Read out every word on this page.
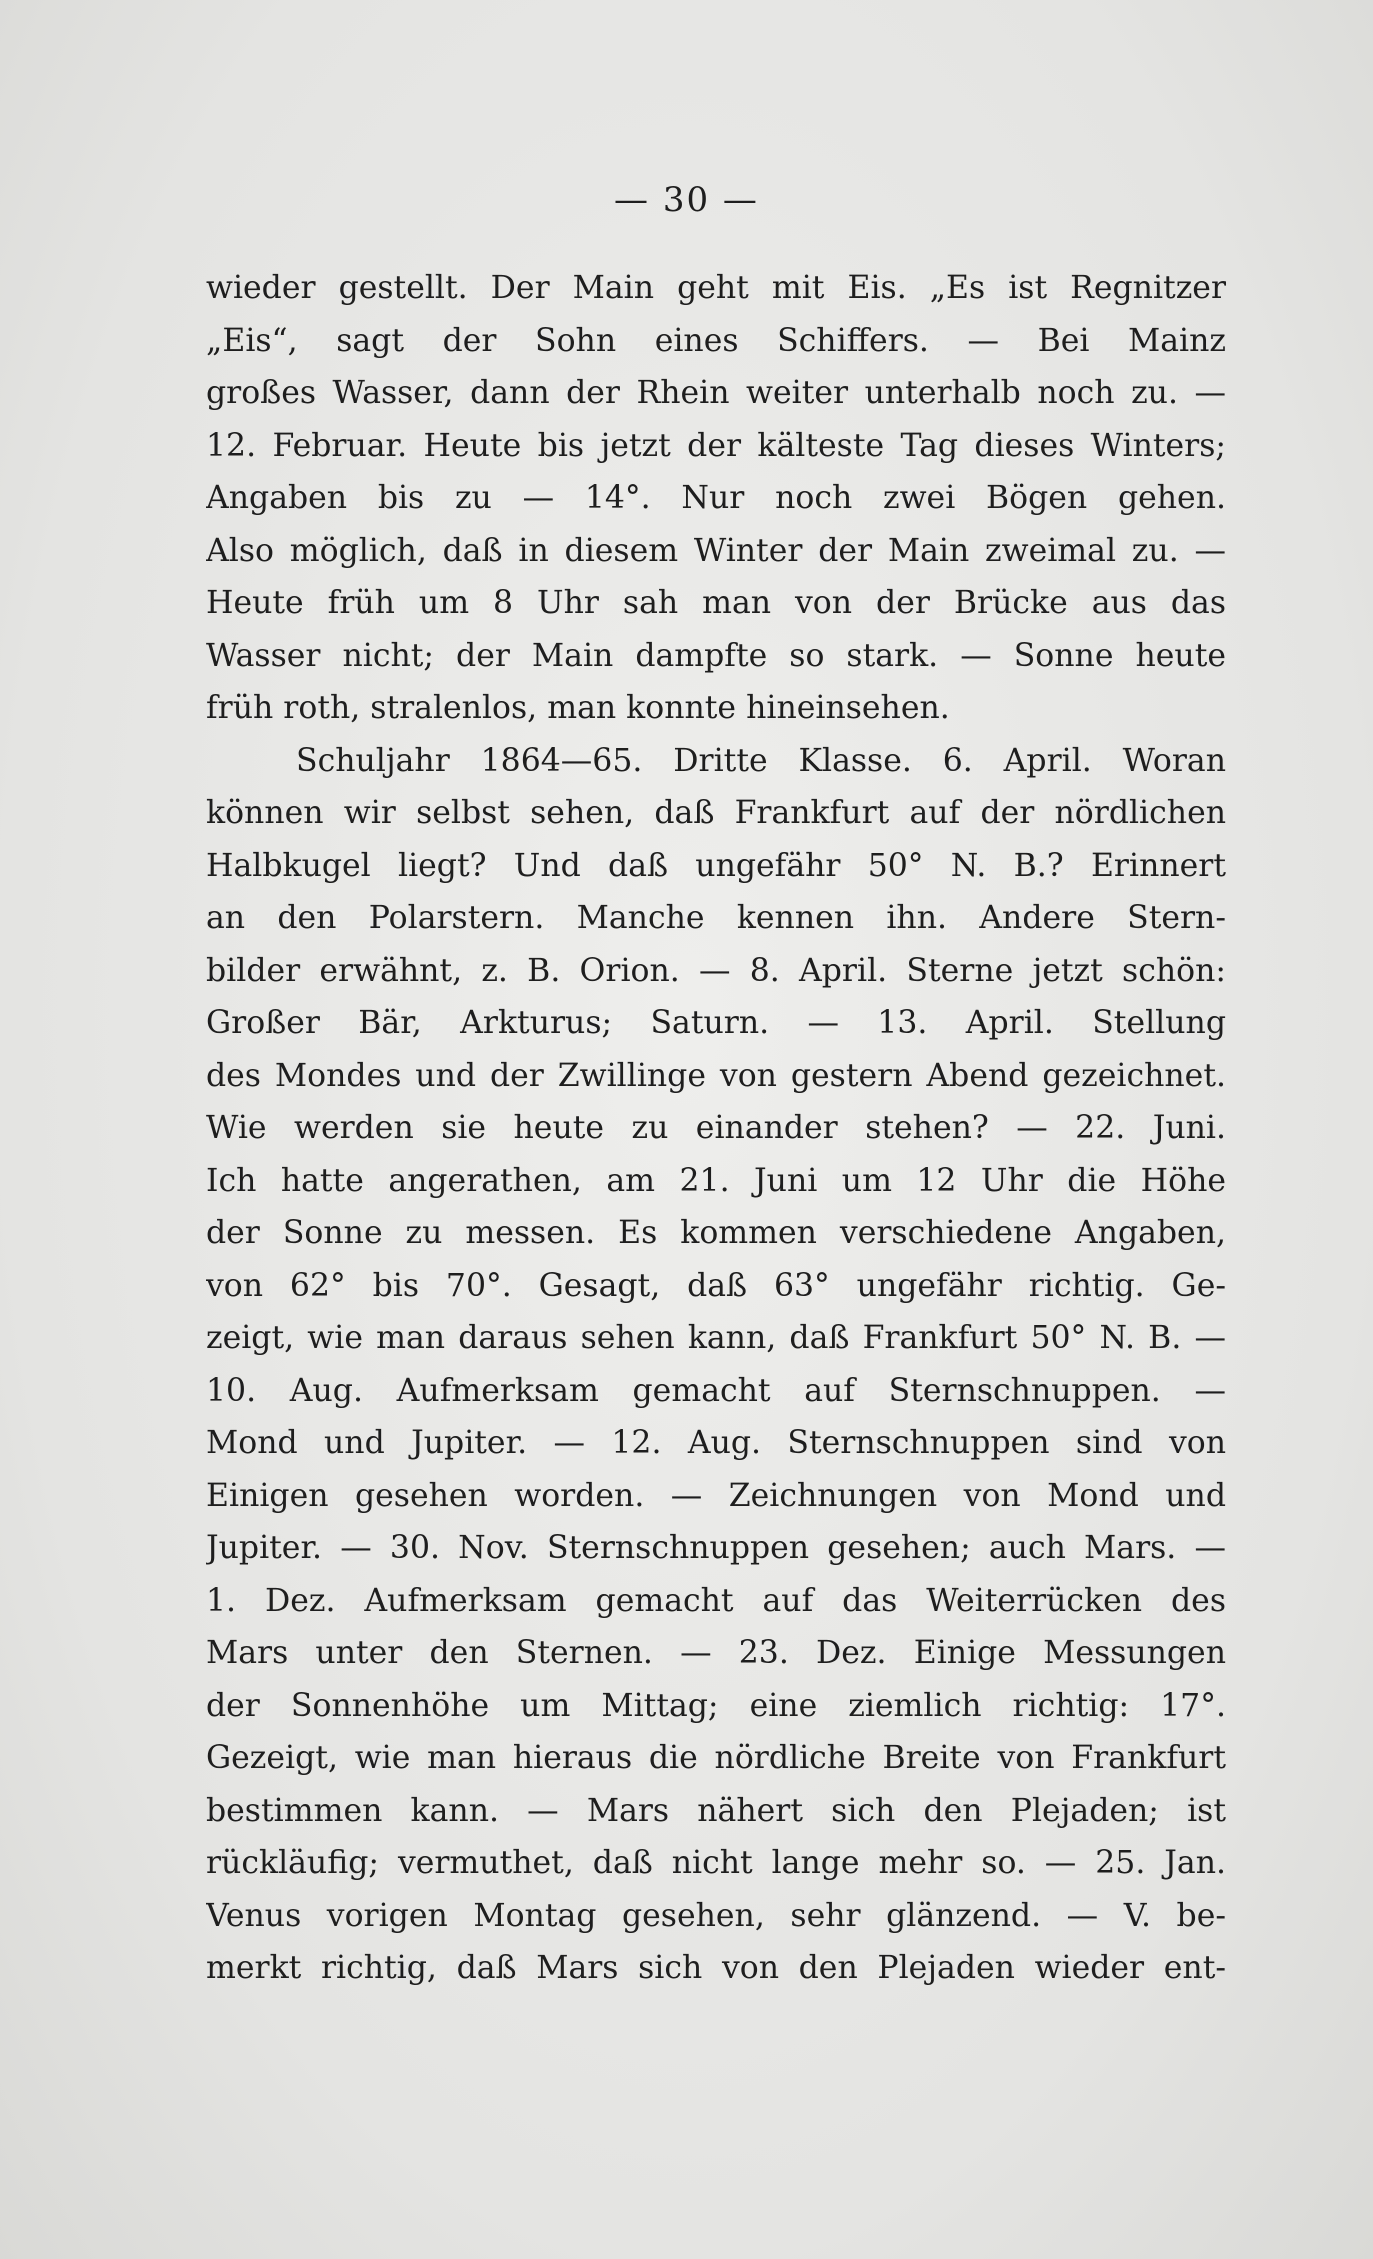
— 30 —
wieder gestellt. Der Main geht mit Eis. „Es ist Regnitzer
„Eis“, sagt der Sohn eines Schiffers. — Bei Mainz
großes Wasser, dann der Rhein weiter unterhalb noch zu. —
12. Februar. Heute bis jetzt der kälteste Tag dieses Winters;
Angaben bis zu — 14°. Nur noch zwei Bögen gehen.
Also möglich, daß in diesem Winter der Main zweimal zu. —
Heute früh um 8 Uhr sah man von der Brücke aus das
Wasser nicht; der Main dampfte so stark. — Sonne heute
früh roth, stralenlos, man konnte hineinsehen.
Schuljahr 1864—65. Dritte Klasse. 6. April. Woran
können wir selbst sehen, daß Frankfurt auf der nördlichen
Halbkugel liegt? Und daß ungefähr 50° N. B.? Erinnert
an den Polarstern. Manche kennen ihn. Andere Stern-
bilder erwähnt, z. B. Orion. — 8. April. Sterne jetzt schön:
Großer Bär, Arkturus; Saturn. — 13. April. Stellung
des Mondes und der Zwillinge von gestern Abend gezeichnet.
Wie werden sie heute zu einander stehen? — 22. Juni.
Ich hatte angerathen, am 21. Juni um 12 Uhr die Höhe
der Sonne zu messen. Es kommen verschiedene Angaben,
von 62° bis 70°. Gesagt, daß 63° ungefähr richtig. Ge-
zeigt, wie man daraus sehen kann, daß Frankfurt 50° N. B. —
10. Aug. Aufmerksam gemacht auf Sternschnuppen. —
Mond und Jupiter. — 12. Aug. Sternschnuppen sind von
Einigen gesehen worden. — Zeichnungen von Mond und
Jupiter. — 30. Nov. Sternschnuppen gesehen; auch Mars. —
1. Dez. Aufmerksam gemacht auf das Weiterrücken des
Mars unter den Sternen. — 23. Dez. Einige Messungen
der Sonnenhöhe um Mittag; eine ziemlich richtig: 17°.
Gezeigt, wie man hieraus die nördliche Breite von Frankfurt
bestimmen kann. — Mars nähert sich den Plejaden; ist
rückläufig; vermuthet, daß nicht lange mehr so. — 25. Jan.
Venus vorigen Montag gesehen, sehr glänzend. — V. be-
merkt richtig, daß Mars sich von den Plejaden wieder ent-
